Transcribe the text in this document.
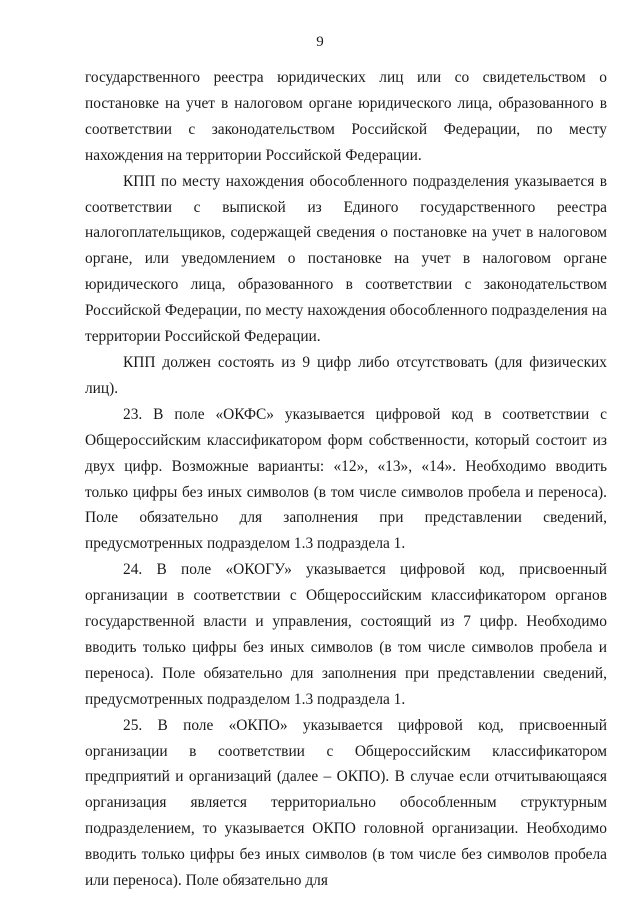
9

государственного реестра юридических лиц или со свидетельством о постановке на учет в налоговом органе юридического лица, образованного в соответствии с законодательством Российской Федерации, по месту нахождения на территории Российской Федерации.

КПП по месту нахождения обособленного подразделения указывается в соответствии с выпиской из Единого государственного реестра налогоплательщиков, содержащей сведения о постановке на учет в налоговом органе, или уведомлением о постановке на учет в налоговом органе юридического лица, образованного в соответствии с законодательством Российской Федерации, по месту нахождения обособленного подразделения на территории Российской Федерации.

КПП должен состоять из 9 цифр либо отсутствовать (для физических лиц).

23. В поле «ОКФС» указывается цифровой код в соответствии с Общероссийским классификатором форм собственности, который состоит из двух цифр. Возможные варианты: «12», «13», «14». Необходимо вводить только цифры без иных символов (в том числе символов пробела и переноса). Поле обязательно для заполнения при представлении сведений, предусмотренных подразделом 1.3 подраздела 1.

24. В поле «ОКОГУ» указывается цифровой код, присвоенный организации в соответствии с Общероссийским классификатором органов государственной власти и управления, состоящий из 7 цифр. Необходимо вводить только цифры без иных символов (в том числе символов пробела и переноса). Поле обязательно для заполнения при представлении сведений, предусмотренных подразделом 1.3 подраздела 1.

25. В поле «ОКПО» указывается цифровой код, присвоенный организации в соответствии с Общероссийским классификатором предприятий и организаций (далее – ОКПО). В случае если отчитывающаяся организация является территориально обособленным структурным подразделением, то указывается ОКПО головной организации. Необходимо вводить только цифры без иных символов (в том числе без символов пробела или переноса). Поле обязательно для
